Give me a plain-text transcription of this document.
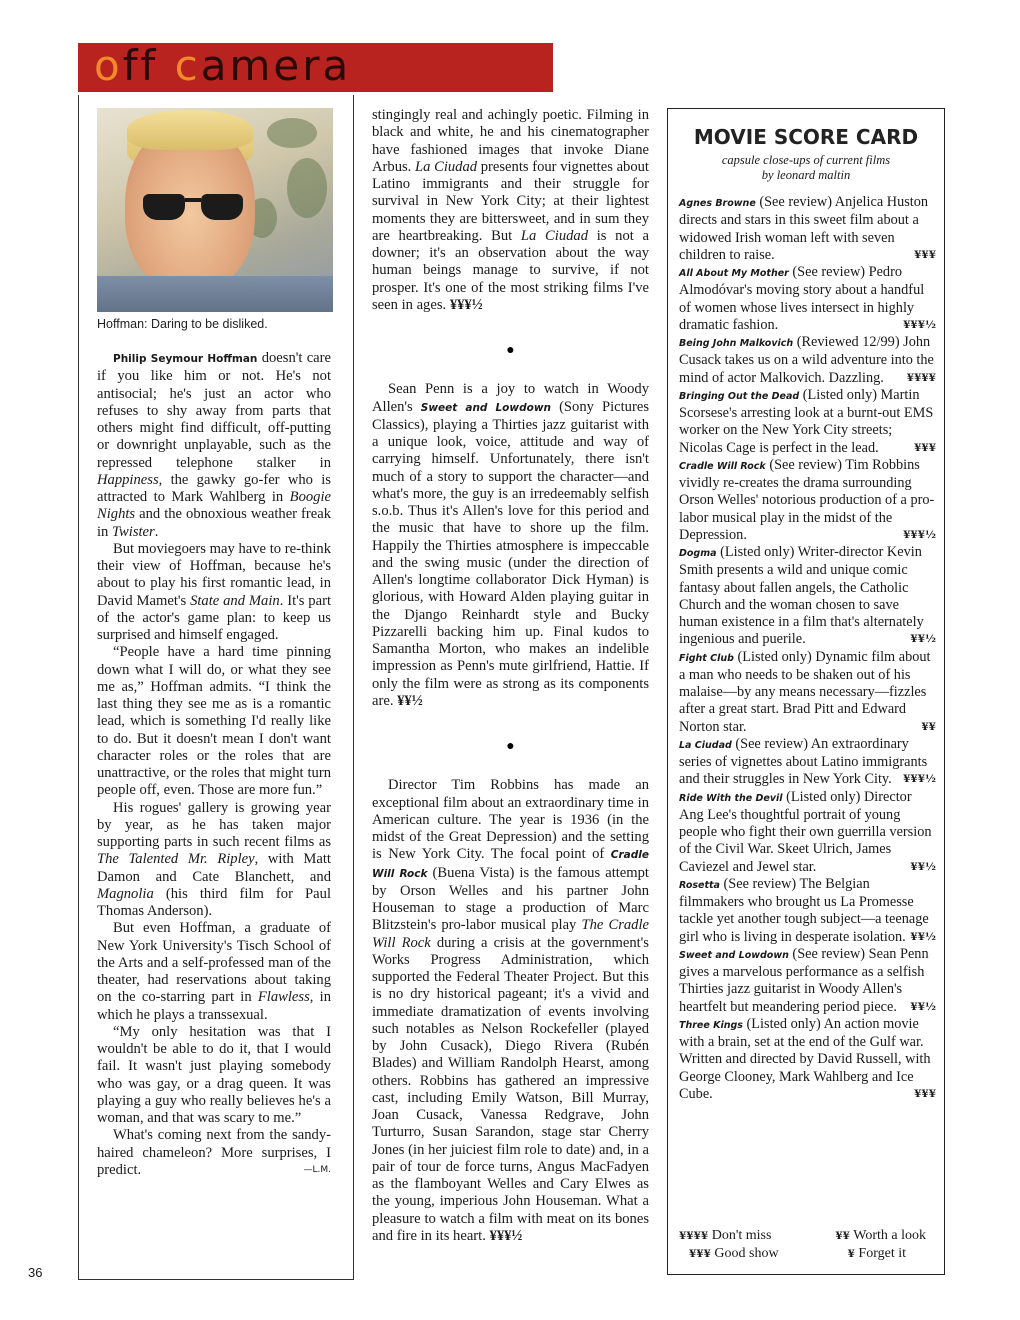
off camera
Hoffman: Daring to be disliked.

Philip Seymour Hoffman doesn't care if you like him or not. He's not antisocial; he's just an actor who refuses to shy away from parts that others might find difficult, off-putting or downright unplayable, such as the repressed telephone stalker in Happiness, the gawky go-fer who is attracted to Mark Wahlberg in Boogie Nights and the obnoxious weather freak in Twister.

But moviegoers may have to re-think their view of Hoffman, because he's about to play his first romantic lead, in David Mamet's State and Main. It's part of the actor's game plan: to keep us surprised and himself engaged.

“People have a hard time pinning down what I will do, or what they see me as,” Hoffman admits. “I think the last thing they see me as is a romantic lead, which is something I'd really like to do. But it doesn't mean I don't want character roles or the roles that are unattractive, or the roles that might turn people off, even. Those are more fun.”

His rogues' gallery is growing year by year, as he has taken major supporting parts in such recent films as The Talented Mr. Ripley, with Matt Damon and Cate Blanchett, and Magnolia (his third film for Paul Thomas Anderson).

But even Hoffman, a graduate of New York University's Tisch School of the Arts and a self-professed man of the theater, had reservations about taking on the co-starring part in Flawless, in which he plays a transsexual.

“My only hesitation was that I wouldn't be able to do it, that I would fail. It wasn't just playing somebody who was gay, or a drag queen. It was playing a guy who really believes he's a woman, and that was scary to me.”

What's coming next from the sandy-haired chameleon? More surprises, I predict.	—L.M.

stingingly real and achingly poetic. Filming in black and white, he and his cinematographer have fashioned images that invoke Diane Arbus. La Ciudad presents four vignettes about Latino immigrants and their struggle for survival in New York City; at their lightest moments they are bittersweet, and in sum they are heartbreaking. But La Ciudad is not a downer; it's an observation about the way human beings manage to survive, if not prosper. It's one of the most striking films I've seen in ages. ¥¥¥½

●

Sean Penn is a joy to watch in Woody Allen's Sweet and Lowdown (Sony Pictures Classics), playing a Thirties jazz guitarist with a unique look, voice, attitude and way of carrying himself. Unfortunately, there isn't much of a story to support the character—and what's more, the guy is an irredeemably selfish s.o.b. Thus it's Allen's love for this period and the music that have to shore up the film. Happily the Thirties atmosphere is impeccable and the swing music (under the direction of Allen's longtime collaborator Dick Hyman) is glorious, with Howard Alden playing guitar in the Django Reinhardt style and Bucky Pizzarelli backing him up. Final kudos to Samantha Morton, who makes an indelible impression as Penn's mute girlfriend, Hattie. If only the film were as strong as its components are. ¥¥½

●

Director Tim Robbins has made an exceptional film about an extraordinary time in American culture. The year is 1936 (in the midst of the Great Depression) and the setting is New York City. The focal point of Cradle Will Rock (Buena Vista) is the famous attempt by Orson Welles and his partner John Houseman to stage a production of Marc Blitzstein's pro-labor musical play The Cradle Will Rock during a crisis at the government's Works Progress Administration, which supported the Federal Theater Project. But this is no dry historical pageant; it's a vivid and immediate dramatization of events involving such notables as Nelson Rockefeller (played by John Cusack), Diego Rivera (Rubén Blades) and William Randolph Hearst, among others. Robbins has gathered an impressive cast, including Emily Watson, Bill Murray, Joan Cusack, Vanessa Redgrave, John Turturro, Susan Sarandon, stage star Cherry Jones (in her juiciest film role to date) and, in a pair of tour de force turns, Angus MacFadyen as the flamboyant Welles and Cary Elwes as the young, imperious John Houseman. What a pleasure to watch a film with meat on its bones and fire in its heart. ¥¥¥½

MOVIE SCORE CARD
capsule close-ups of current films
by leonard maltin

Agnes Browne (See review) Anjelica Huston directs and stars in this sweet film about a widowed Irish woman left with seven children to raise.	¥¥¥

All About My Mother (See review) Pedro Almodóvar's moving story about a handful of women whose lives intersect in highly dramatic fashion.	¥¥¥½

Being John Malkovich (Reviewed 12/99) John Cusack takes us on a wild adventure into the mind of actor Malkovich. Dazzling. ¥¥¥¥

Bringing Out the Dead (Listed only) Martin Scorsese's arresting look at a burnt-out EMS worker on the New York City streets; Nicolas Cage is perfect in the lead.	¥¥¥

Cradle Will Rock (See review) Tim Robbins vividly re-creates the drama surrounding Orson Welles' notorious production of a pro-labor musical play in the midst of the Depression.	¥¥¥½

Dogma (Listed only) Writer-director Kevin Smith presents a wild and unique comic fantasy about fallen angels, the Catholic Church and the woman chosen to save human existence in a film that's alternately ingenious and puerile.	¥¥½

Fight Club (Listed only) Dynamic film about a man who needs to be shaken out of his malaise—by any means necessary—fizzles after a great start. Brad Pitt and Edward Norton star.	¥¥

La Ciudad (See review) An extraordinary series of vignettes about Latino immigrants and their struggles in New York City. ¥¥¥½

Ride With the Devil (Listed only) Director Ang Lee's thoughtful portrait of young people who fight their own guerrilla version of the Civil War. Skeet Ulrich, James Caviezel and Jewel star.	¥¥½

Rosetta (See review) The Belgian filmmakers who brought us La Promesse tackle yet another tough subject—a teenage girl who is living in desperate isolation. ¥¥½

Sweet and Lowdown (See review) Sean Penn gives a marvelous performance as a selfish Thirties jazz guitarist in Woody Allen's heartfelt but meandering period piece. ¥¥½

Three Kings (Listed only) An action movie with a brain, set at the end of the Gulf war. Written and directed by David Russell, with George Clooney, Mark Wahlberg and Ice Cube.	¥¥¥

¥¥¥¥ Don't miss	¥¥ Worth a look
¥¥¥ Good show	¥ Forget it
36
